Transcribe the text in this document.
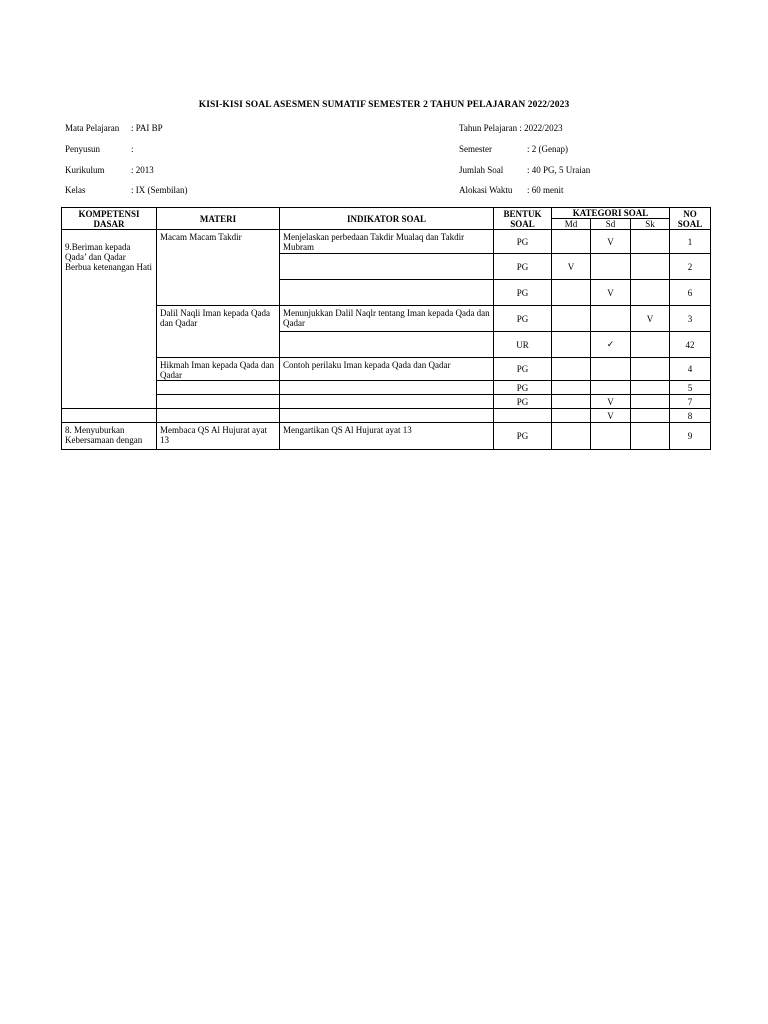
KISI-KISI SOAL ASESMEN SUMATIF SEMESTER 2 TAHUN PELAJARAN 2022/2023
Mata Pelajaran : PAI BP
Penyusun	:
Kurikulum	: 2013
Kelas	: IX (Sembilan)
Tahun Pelajaran : 2022/2023
Semester	: 2 (Genap)
Jumlah Soal	: 40 PG, 5 Uraian
Alokasi Waktu : 60 menit
KOMPETENSI DASAR	MATERI	INDIKATOR SOAL	BENTUK SOAL	KATEGORI SOAL			NO SOAL
				Md	Sd	Sk	
9.Beriman kepada Qada’ dan Qadar Berbua ketenangan Hati	Macam Macam Takdir	Menjelaskan perbedaan Takdir Mualaq dan Takdir Mubram	PG		V		1
			PG	V			2
			PG		V		6
	Dalil Naqli Iman kepada Qada dan Qadar	Menunjukkan Dalil Naqlr tentang Iman kepada Qada dan Qadar	PG			V	3
			UR		✓		42
	Hikmah Iman kepada Qada dan Qadar	Contoh perilaku Iman kepada Qada dan Qadar	PG				4
			PG				5
			PG		V		7
					V		8
8. Menyuburkan Kebersamaan dengan	Membaca QS Al Hujurat ayat 13	Mengartikan QS Al Hujurat ayat 13	PG				9
